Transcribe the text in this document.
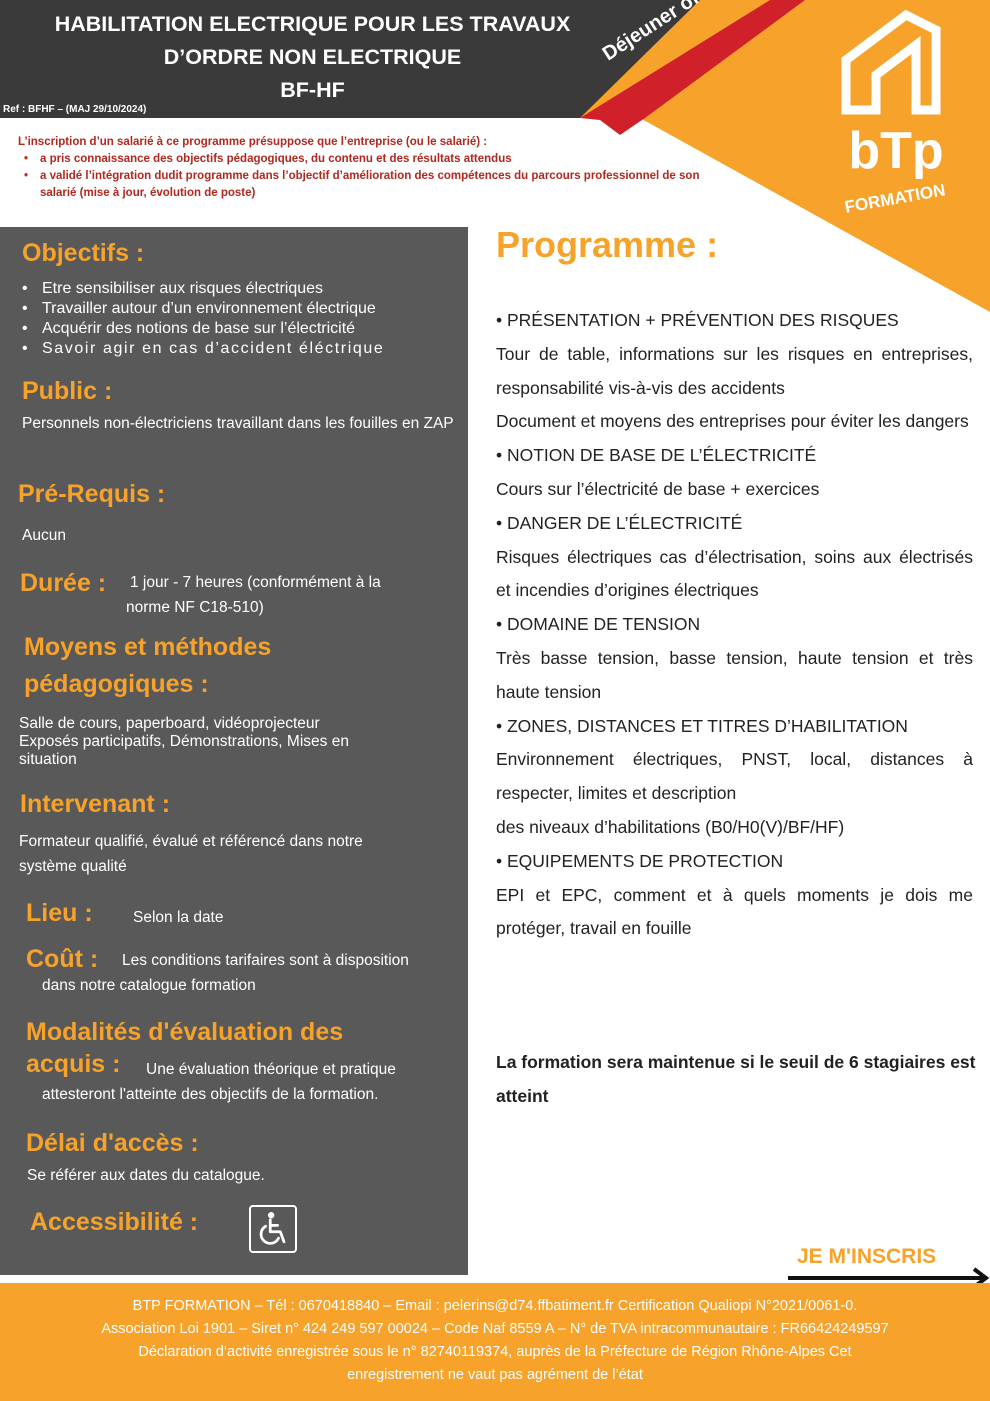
HABILITATION ELECTRIQUE POUR LES TRAVAUX
D’ORDRE NON ELECTRIQUE
BF-HF
Ref : BFHF – (MAJ 29/10/2024)
bTp
FORMATION
L’inscription d’un salarié à ce programme présuppose que l’entreprise (ou le salarié) :
• a pris connaissance des objectifs pédagogiques, du contenu et des résultats attendus
• a validé l’intégration dudit programme dans l’objectif d’amélioration des compétences du parcours professionnel de son salarié (mise à jour, évolution de poste)
Objectifs :
• Etre sensibiliser aux risques électriques
• Travailler autour d’un environnement électrique
• Acquérir des notions de base sur l’électricité
• Savoir agir en cas d’accident éléctrique
Public :
Personnels non-électriciens travaillant dans les fouilles en ZAP
Pré-Requis :
Aucun
Durée : 1 jour - 7 heures (conformément à la
norme NF C18-510)
Moyens et méthodes
pédagogiques :
Salle de cours, paperboard, vidéoprojecteur
Exposés participatifs, Démonstrations, Mises en
situation
Intervenant :
Formateur qualifié, évalué et référencé dans notre
système qualité
Lieu :	Selon la date
Coût : Les conditions tarifaires sont à disposition
dans notre catalogue formation
Modalités d'évaluation des
acquis : Une évaluation théorique et pratique
attesteront l'atteinte des objectifs de la formation.
Délai d'accès :
Se référer aux dates du catalogue.
Accessibilité :
Programme :

• PRÉSENTATION + PRÉVENTION DES RISQUES

Tour de table, informations sur les risques en entreprises, responsabilité vis-à-vis des accidents

Document et moyens des entreprises pour éviter les dangers

• NOTION DE BASE DE L’ÉLECTRICITÉ

Cours sur l’électricité de base + exercices

• DANGER DE L’ÉLECTRICITÉ

Risques électriques cas d’électrisation, soins aux électrisés et incendies d’origines électriques

• DOMAINE DE TENSION

Très basse tension, basse tension, haute tension et très haute tension

• ZONES, DISTANCES ET TITRES D’HABILITATION

Environnement électriques, PNST, local, distances à respecter, limites et description

des niveaux d’habilitations (B0/H0(V)/BF/HF)

• EQUIPEMENTS DE PROTECTION

EPI et EPC, comment et à quels moments je dois me protéger, travail en fouille

La formation sera maintenue si le seuil de 6 stagiaires est atteint
JE M'INSCRIS
BTP FORMATION – Tél : 0670418840 – Email : pelerins@d74.ffbatiment.fr Certification Qualiopi N°2021/0061-0.
Association Loi 1901 – Siret n° 424 249 597 00024 – Code Naf 8559 A – N° de TVA intracommunautaire : FR66424249597
Déclaration d’activité enregistrée sous le n° 82740119374, auprès de la Préfecture de Région Rhône-Alpes Cet
enregistrement ne vaut pas agrément de l’état
